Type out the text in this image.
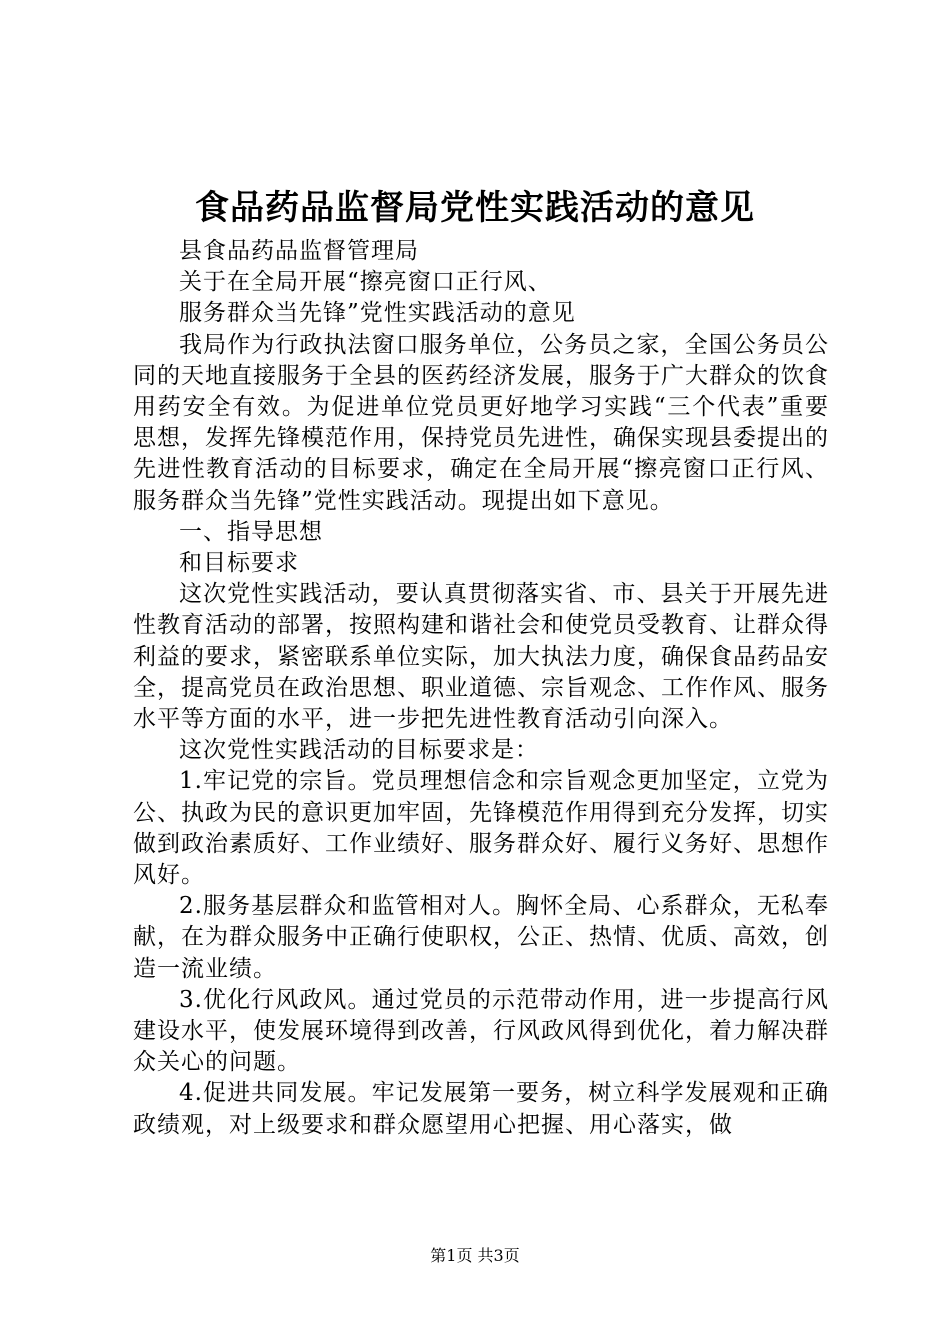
食品药品监督局党性实践活动的意见

县食品药品监督管理局

关于在全局开展“擦亮窗口正行风、

服务群众当先锋”党性实践活动的意见

我局作为行政执法窗口服务单位，公务员之家，全国公务员公同的天地直接服务于全县的医药经济发展，服务于广大群众的饮食用药安全有效。为促进单位党员更好地学习实践“三个代表”重要思想，发挥先锋模范作用，保持党员先进性，确保实现县委提出的先进性教育活动的目标要求，确定在全局开展“擦亮窗口正行风、服务群众当先锋”党性实践活动。现提出如下意见。

一、指导思想

和目标要求

这次党性实践活动，要认真贯彻落实省、市、县关于开展先进性教育活动的部署，按照构建和谐社会和使党员受教育、让群众得利益的要求，紧密联系单位实际，加大执法力度，确保食品药品安全，提高党员在政治思想、职业道德、宗旨观念、工作作风、服务水平等方面的水平，进一步把先进性教育活动引向深入。

这次党性实践活动的目标要求是：

1.牢记党的宗旨。党员理想信念和宗旨观念更加坚定，立党为公、执政为民的意识更加牢固，先锋模范作用得到充分发挥，切实做到政治素质好、工作业绩好、服务群众好、履行义务好、思想作风好。

2.服务基层群众和监管相对人。胸怀全局、心系群众，无私奉献，在为群众服务中正确行使职权，公正、热情、优质、高效，创造一流业绩。

3.优化行风政风。通过党员的示范带动作用，进一步提高行风建设水平，使发展环境得到改善，行风政风得到优化，着力解决群众关心的问题。

4.促进共同发展。牢记发展第一要务，树立科学发展观和正确政绩观，对上级要求和群众愿望用心把握、用心落实，做

第1页 共3页
